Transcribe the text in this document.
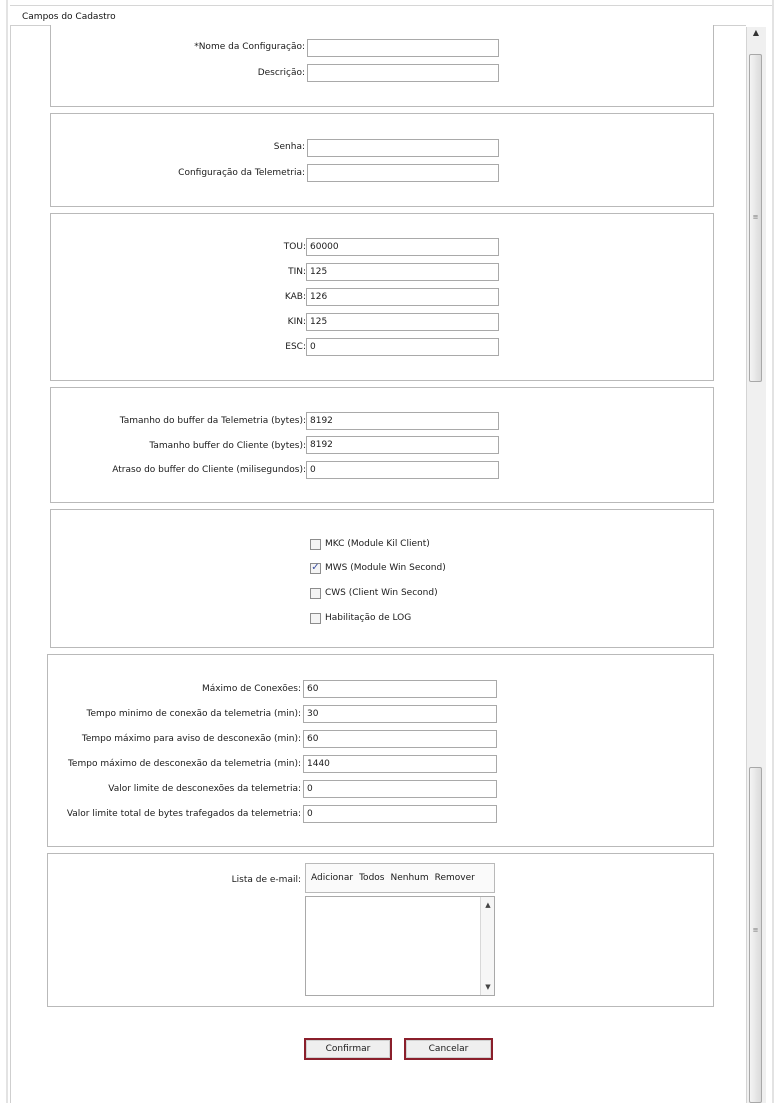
Campos do Cadastro
*Nome da Configuração:
Descrição:
Senha:
Configuração da Telemetria:
TOU:
60000
TIN:
125
KAB:
126
KIN:
125
ESC:
0
Tamanho do buffer da Telemetria (bytes):
8192
Tamanho buffer do Cliente (bytes):
8192
Atraso do buffer do Cliente (milisegundos):
0
MKC (Module Kil Client)
✓ MWS (Module Win Second)
CWS (Client Win Second)
Habilitação de LOG
Máximo de Conexões:
60
Tempo minimo de conexão da telemetria (min):
30
Tempo máximo para aviso de desconexão (min):
60
Tempo máximo de desconexão da telemetria (min):
1440
Valor limite de desconexões da telemetria:
0
Valor limite total de bytes trafegados da telemetria:
0
Lista de e-mail: Adicionar Todos Nenhum Remover
▲
▼
Confirmar	Cancelar
▲
≡
≡
